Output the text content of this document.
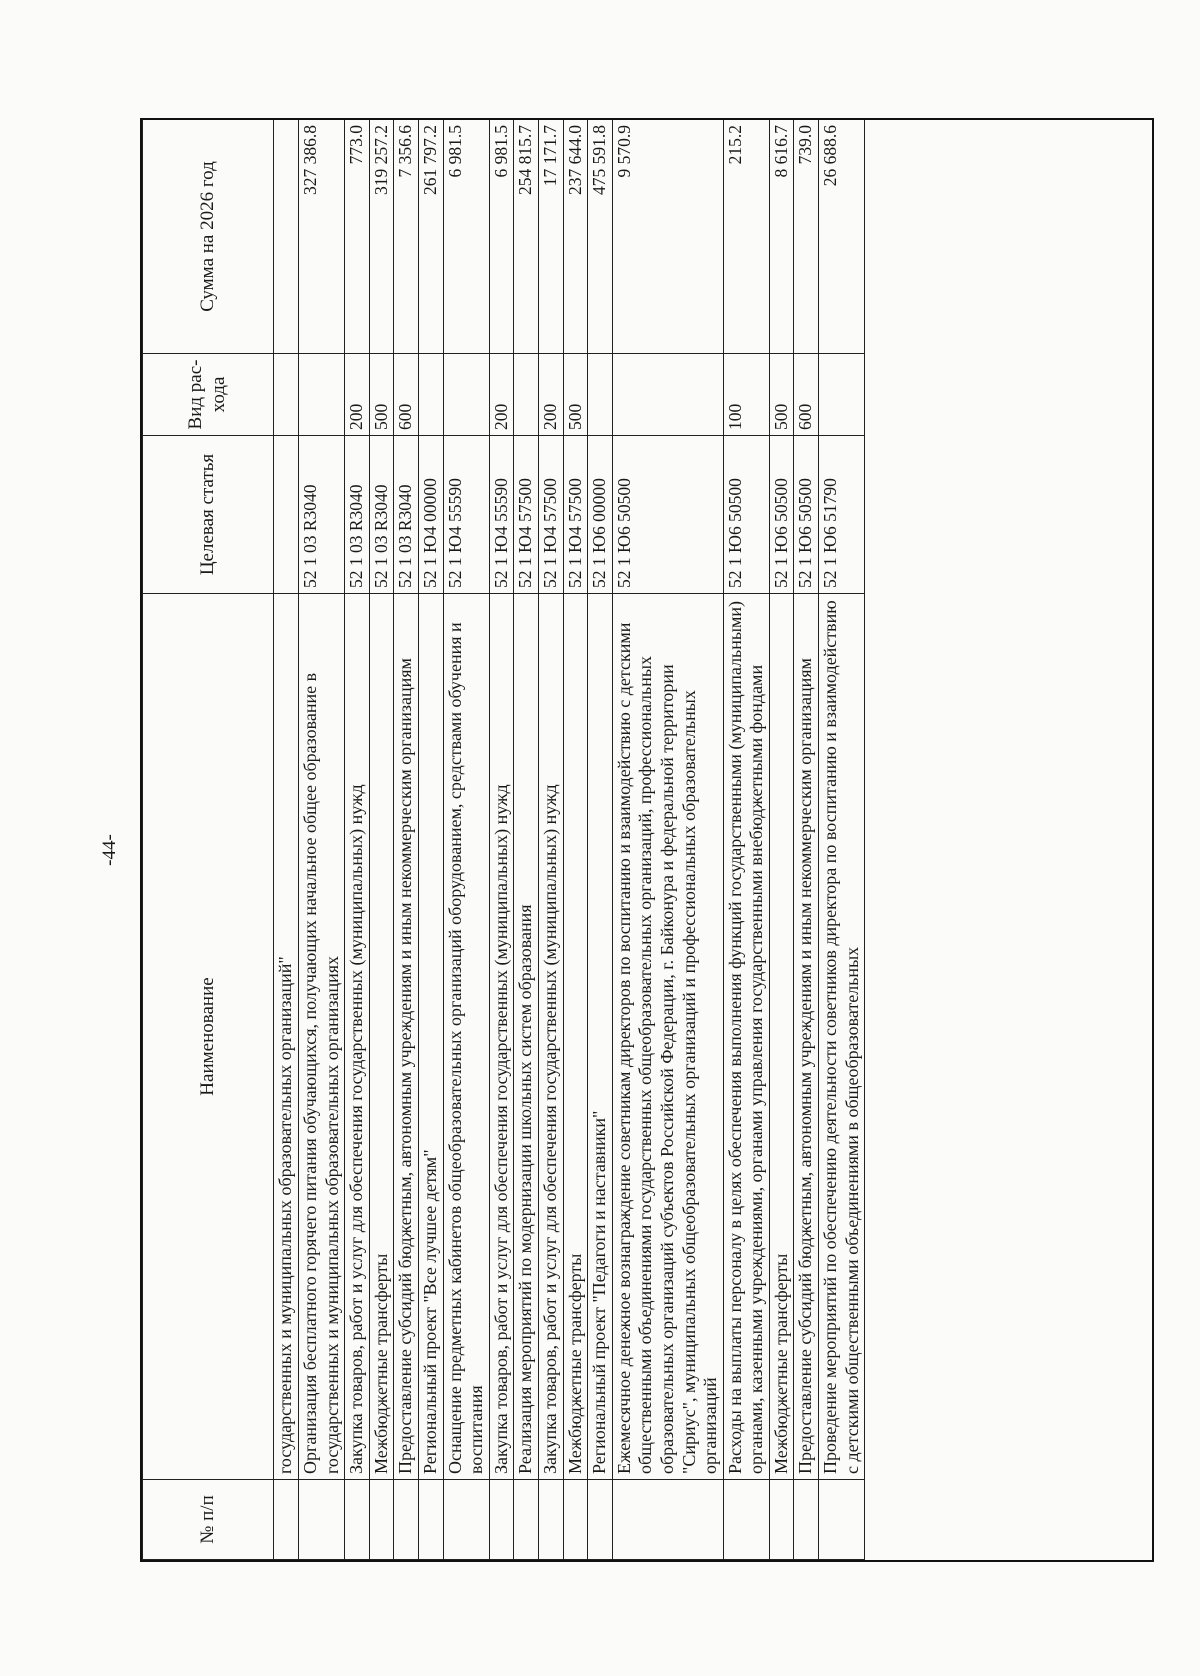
-44-
№ п/п	Наименование	Целевая статья	Вид рас-хода	Сумма на 2026 год
	государственных и муниципальных образовательных организаций"			
	Организация бесплатного горячего питания обучающихся, получающих начальное общее образование в государственных и муниципальных образовательных организациях	52 1 03 R3040		327 386.8
	Закупка товаров, работ и услуг для обеспечения государственных (муниципальных) нужд	52 1 03 R3040	200	773.0
	Межбюджетные трансферты	52 1 03 R3040	500	319 257.2
	Предоставление субсидий бюджетным, автономным учреждениям и иным некоммерческим организациям	52 1 03 R3040	600	7 356.6
	Региональный проект "Все лучшее детям"	52 1 Ю4 00000		261 797.2
	Оснащение предметных кабинетов общеобразовательных организаций оборудованием, средствами обучения и воспитания	52 1 Ю4 55590		6 981.5
	Закупка товаров, работ и услуг для обеспечения государственных (муниципальных) нужд	52 1 Ю4 55590	200	6 981.5
	Реализация мероприятий по модернизации школьных систем образования	52 1 Ю4 57500		254 815.7
	Закупка товаров, работ и услуг для обеспечения государственных (муниципальных) нужд	52 1 Ю4 57500	200	17 171.7
	Межбюджетные трансферты	52 1 Ю4 57500	500	237 644.0
	Региональный проект "Педагоги и наставники"	52 1 Ю6 00000		475 591.8
	Ежемесячное денежное вознаграждение советникам директоров по воспитанию и взаимодействию с детскими общественными объединениями государственных общеобразовательных организаций, профессиональных образовательных организаций субъектов Российской Федерации, г. Байконура и федеральной территории "Сириус", муниципальных общеобразовательных организаций и профессиональных образовательных организаций	52 1 Ю6 50500		9 570.9
	Расходы на выплаты персоналу в целях обеспечения выполнения функций государственными (муниципальными) органами, казенными учреждениями, органами управления государственными внебюджетными фондами	52 1 Ю6 50500	100	215.2
	Межбюджетные трансферты	52 1 Ю6 50500	500	8 616.7
	Предоставление субсидий бюджетным, автономным учреждениям и иным некоммерческим организациям	52 1 Ю6 50500	600	739.0
	Проведение мероприятий по обеспечению деятельности советников директора по воспитанию и взаимодействию с детскими общественными объединениями в общеобразовательных	52 1 Ю6 51790		26 688.6
